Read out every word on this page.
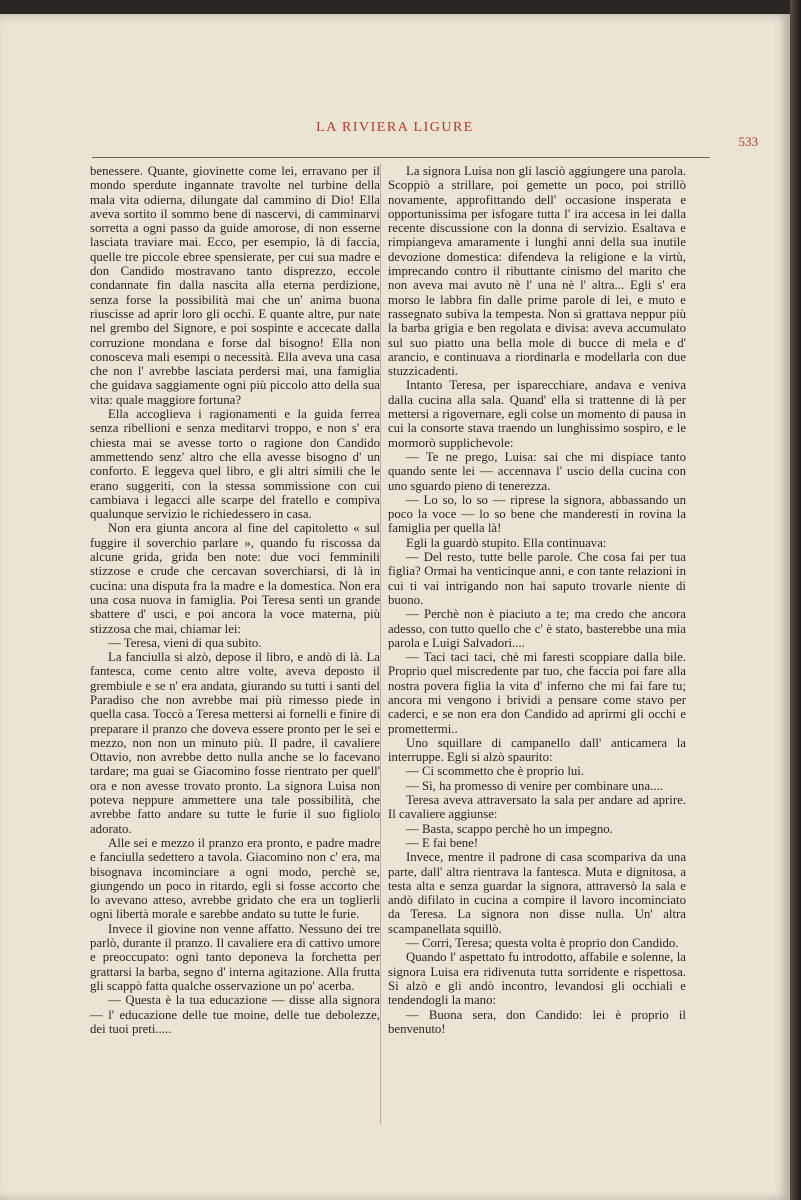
LA RIVIERA LIGURE
533

benessere. Quante, giovinette come lei, erravano per il mondo sperdute ingannate travolte nel turbine della mala vita odierna, dilungate dal cammino di Dio! Ella aveva sortito il sommo bene di nascervi, di camminarvi sorretta a ogni passo da guide amorose, di non esserne lasciata traviare mai. Ecco, per esempio, là di faccia, quelle tre piccole ebree spensierate, per cui sua madre e don Candido mostravano tanto disprezzo, eccole condannate fin dalla nascita alla eterna perdizione, senza forse la possibilità mai che un' anima buona riuscisse ad aprir loro gli occhi. E quante altre, pur nate nel grembo del Signore, e poi sospinte e accecate dalla corruzione mondana e forse dal bisogno! Ella non conosceva mali esempi o necessità. Ella aveva una casa che non l' avrebbe lasciata perdersi mai, una famiglia che guidava saggiamente ogni più piccolo atto della sua vita: quale maggiore fortuna?

Ella accoglieva i ragionamenti e la guida ferrea senza ribellioni e senza meditarvi troppo, e non s' era chiesta mai se avesse torto o ragione don Candido ammettendo senz' altro che ella avesse bisogno d' un conforto. E leggeva quel libro, e gli altri simili che le erano suggeriti, con la stessa sommissione con cui cambiava i legacci alle scarpe del fratello e compiva qualunque servizio le richiedessero in casa.

Non era giunta ancora al fine del capitoletto « sul fuggire il soverchio parlare », quando fu riscossa da alcune grida, grida ben note: due voci femminili stizzose e crude che cercavan soverchiarsi, di là in cucina: una disputa fra la madre e la domestica. Non era una cosa nuova in famiglia. Poi Teresa sentì un grande sbattere d' usci, e poi ancora la voce materna, più stizzosa che mai, chiamar lei:

— Teresa, vieni di qua subito.

La fanciulla si alzò, depose il libro, e andò di là. La fantesca, come cento altre volte, aveva deposto il grembiule e se n' era andata, giurando su tutti i santi del Paradiso che non avrebbe mai più rimesso piede in quella casa. Toccò a Teresa mettersi ai fornelli e finire di preparare il pranzo che doveva essere pronto per le sei e mezzo, non non un minuto più. Il padre, il cavaliere Ottavio, non avrebbe detto nulla anche se lo facevano tardare; ma guai se Giacomino fosse rientrato per quell' ora e non avesse trovato pronto. La signora Luisa non poteva neppure ammettere una tale possibilità, che avrebbe fatto andare su tutte le furie il suo figliolo adorato.

Alle sei e mezzo il pranzo era pronto, e padre madre e fanciulla sedettero a tavola. Giacomino non c' era, ma bisognava incominciare a ogni modo, perchè se, giungendo un poco in ritardo, egli si fosse accorto che lo avevano atteso, avrebbe gridato che era un toglierli ogni libertà morale e sarebbe andato su tutte le furie.

Invece il giovine non venne affatto. Nessuno dei tre parlò, durante il pranzo. Il cavaliere era di cattivo umore e preoccupato: ogni tanto deponeva la forchetta per grattarsi la barba, segno d' interna agitazione. Alla frutta gli scappò fatta qualche osservazione un po' acerba.

— Questa è la tua educazione — disse alla signora — l' educazione delle tue moine, delle tue debolezze, dei tuoi preti.....

La signora Luisa non gli lasciò aggiungere una parola. Scoppiò a strillare, poi gemette un poco, poi strillò novamente, approfittando dell' occasione insperata e opportunissima per isfogare tutta l' ira accesa in lei dalla recente discussione con la donna di servizio. Esaltava e rimpiangeva amaramente i lunghi anni della sua inutile devozione domestica: difendeva la religione e la virtù, imprecando contro il ributtante cinismo del marito che non aveva mai avuto nè l' una nè l' altra... Egli s' era morso le labbra fin dalle prime parole di lei, e muto e rassegnato subiva la tempesta. Non si grattava neppur più la barba grigia e ben regolata e divisa: aveva accumulato sul suo piatto una bella mole di bucce di mela e d' arancio, e continuava a riordinarla e modellarla con due stuzzicadenti.

Intanto Teresa, per isparecchiare, andava e veniva dalla cucina alla sala. Quand' ella si trattenne di là per mettersi a rigovernare, egli colse un momento di pausa in cui la consorte stava traendo un lunghissimo sospiro, e le mormorò supplichevole:

— Te ne prego, Luisa: sai che mi dispiace tanto quando sente lei — accennava l' uscio della cucina con uno sguardo pieno di tenerezza.

— Lo so, lo so — riprese la signora, abbassando un poco la voce — lo so bene che manderesti in rovina la famiglia per quella là!

Egli la guardò stupito. Ella continuava:

— Del resto, tutte belle parole. Che cosa fai per tua figlia? Ormai ha venticinque anni, e con tante relazioni in cui ti vai intrigando non hai saputo trovarle niente di buono.

— Perchè non è piaciuto a te; ma credo che ancora adesso, con tutto quello che c' è stato, basterebbe una mia parola e Luigi Salvadori....

— Taci taci taci, chè mi faresti scoppiare dalla bile. Proprio quel miscredente par tuo, che faccia poi fare alla nostra povera figlia la vita d' inferno che mi fai fare tu; ancora mi vengono i brividi a pensare come stavo per caderci, e se non era don Candido ad aprirmi gli occhi e promettermi..

Uno squillare di campanello dall' anticamera la interruppe. Egli si alzò spaurito:

— Ci scommetto che è proprio lui.

— Sì, ha promesso di venire per combinare una....

Teresa aveva attraversato la sala per andare ad aprire. Il cavaliere aggiunse:

— Basta, scappo perchè ho un impegno.

— E fai bene!

Invece, mentre il padrone di casa scompariva da una parte, dall' altra rientrava la fantesca. Muta e dignitosa, a testa alta e senza guardar la signora, attraversò la sala e andò difilato in cucina a compire il lavoro incominciato da Teresa. La signora non disse nulla. Un' altra scampanellata squillò.

— Corri, Teresa; questa volta è proprio don Candido.

Quando l' aspettato fu introdotto, affabile e solenne, la signora Luisa era ridivenuta tutta sorridente e rispettosa. Si alzò e gli andò incontro, levandosi gli occhiali e tendendogli la mano:

— Buona sera, don Candido: lei è proprio il benvenuto!
